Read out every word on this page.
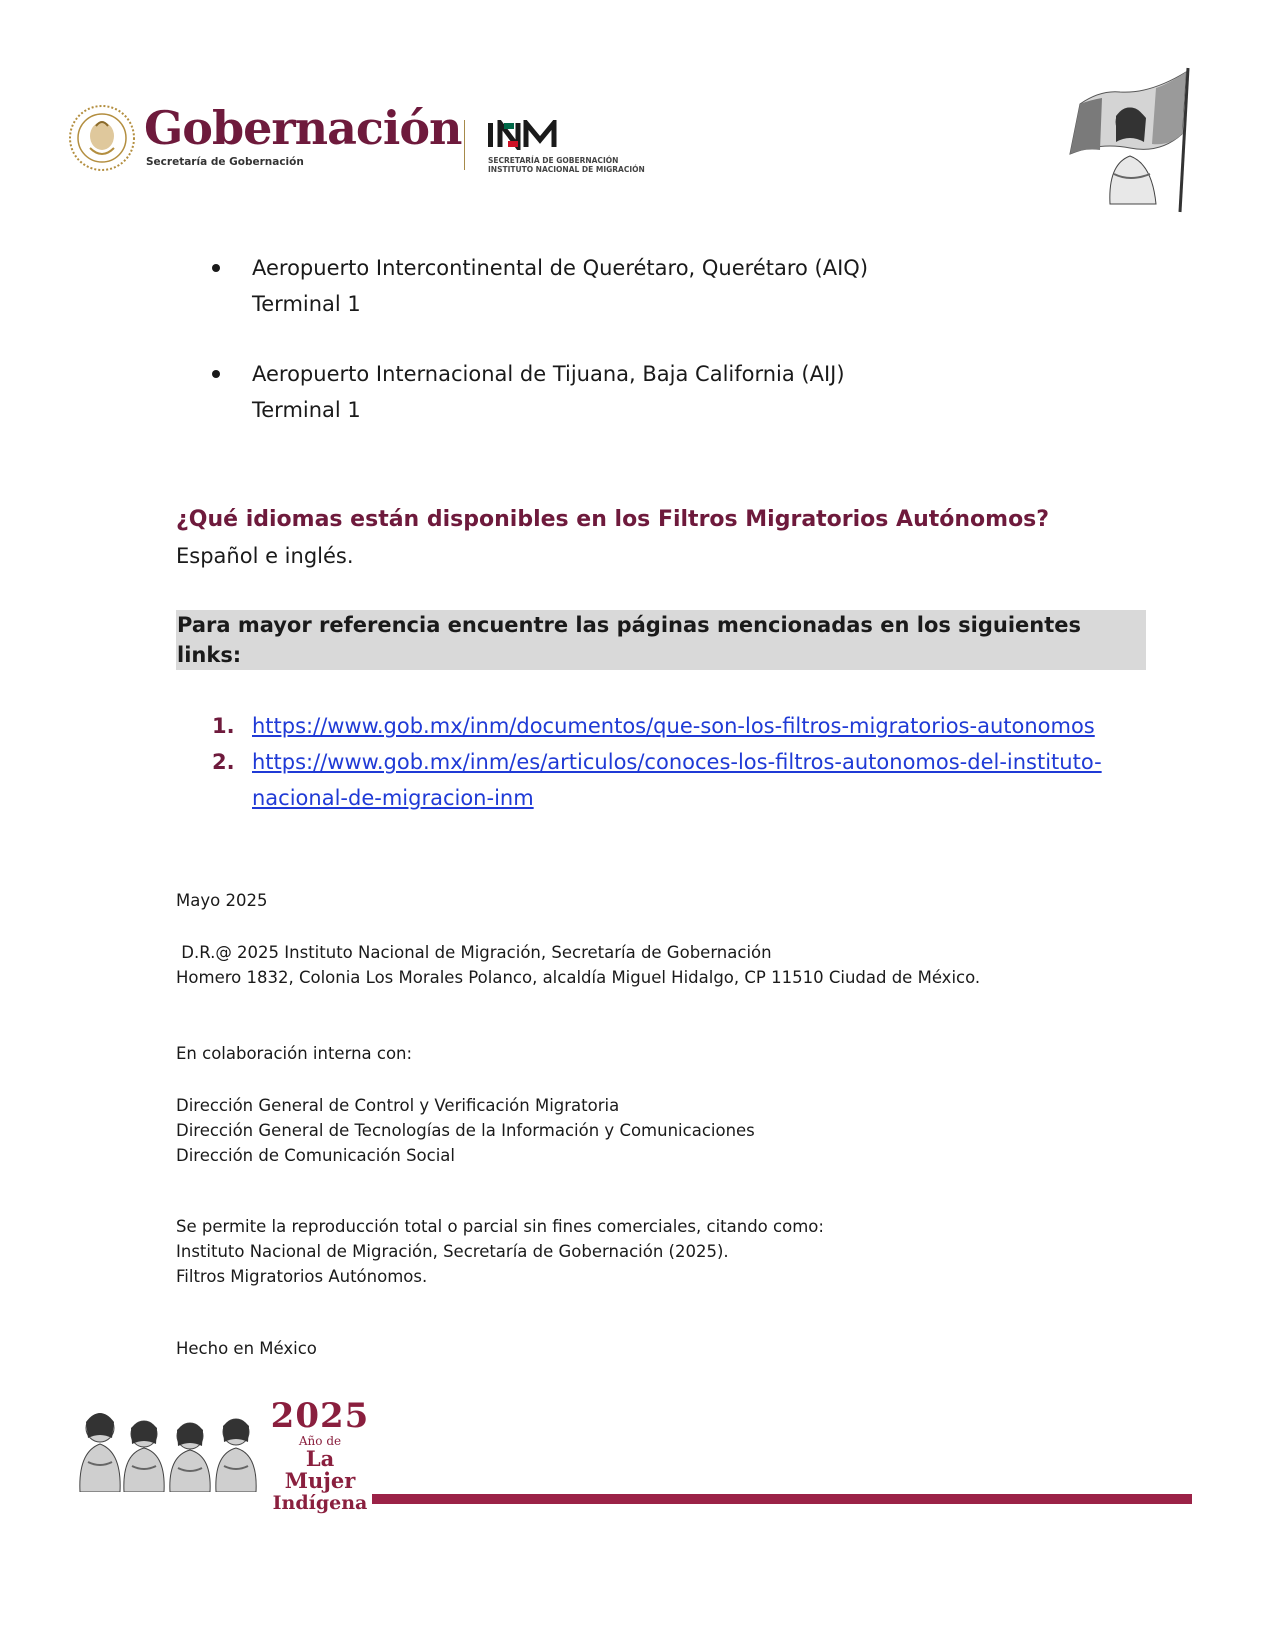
Gobernación
Secretaría de Gobernación	SECRETARÍA DE GOBERNACIÓN
INSTITUTO NACIONAL DE MIGRACIÓN
Aeropuerto Intercontinental de Querétaro, Querétaro (AIQ)
Terminal 1
Aeropuerto Internacional de Tijuana, Baja California (AIJ)
Terminal 1
¿Qué idiomas están disponibles en los Filtros Migratorios Autónomos?
Español e inglés.
Para mayor referencia encuentre las páginas mencionadas en los siguientes links:
1. https://www.gob.mx/inm/documentos/que-son-los-filtros-migratorios-autonomos
2. https://www.gob.mx/inm/es/articulos/conoces-los-filtros-autonomos-del-instituto-
nacional-de-migracion-inm
Mayo 2025
D.R.@ 2025 Instituto Nacional de Migración, Secretaría de Gobernación
Homero 1832, Colonia Los Morales Polanco, alcaldía Miguel Hidalgo, CP 11510 Ciudad de México.
En colaboración interna con:
Dirección General de Control y Verificación Migratoria
Dirección General de Tecnologías de la Información y Comunicaciones
Dirección de Comunicación Social
Se permite la reproducción total o parcial sin fines comerciales, citando como:
Instituto Nacional de Migración, Secretaría de Gobernación (2025).
Filtros Migratorios Autónomos.
Hecho en México
2025
Año de
La Mujer
Indígena
